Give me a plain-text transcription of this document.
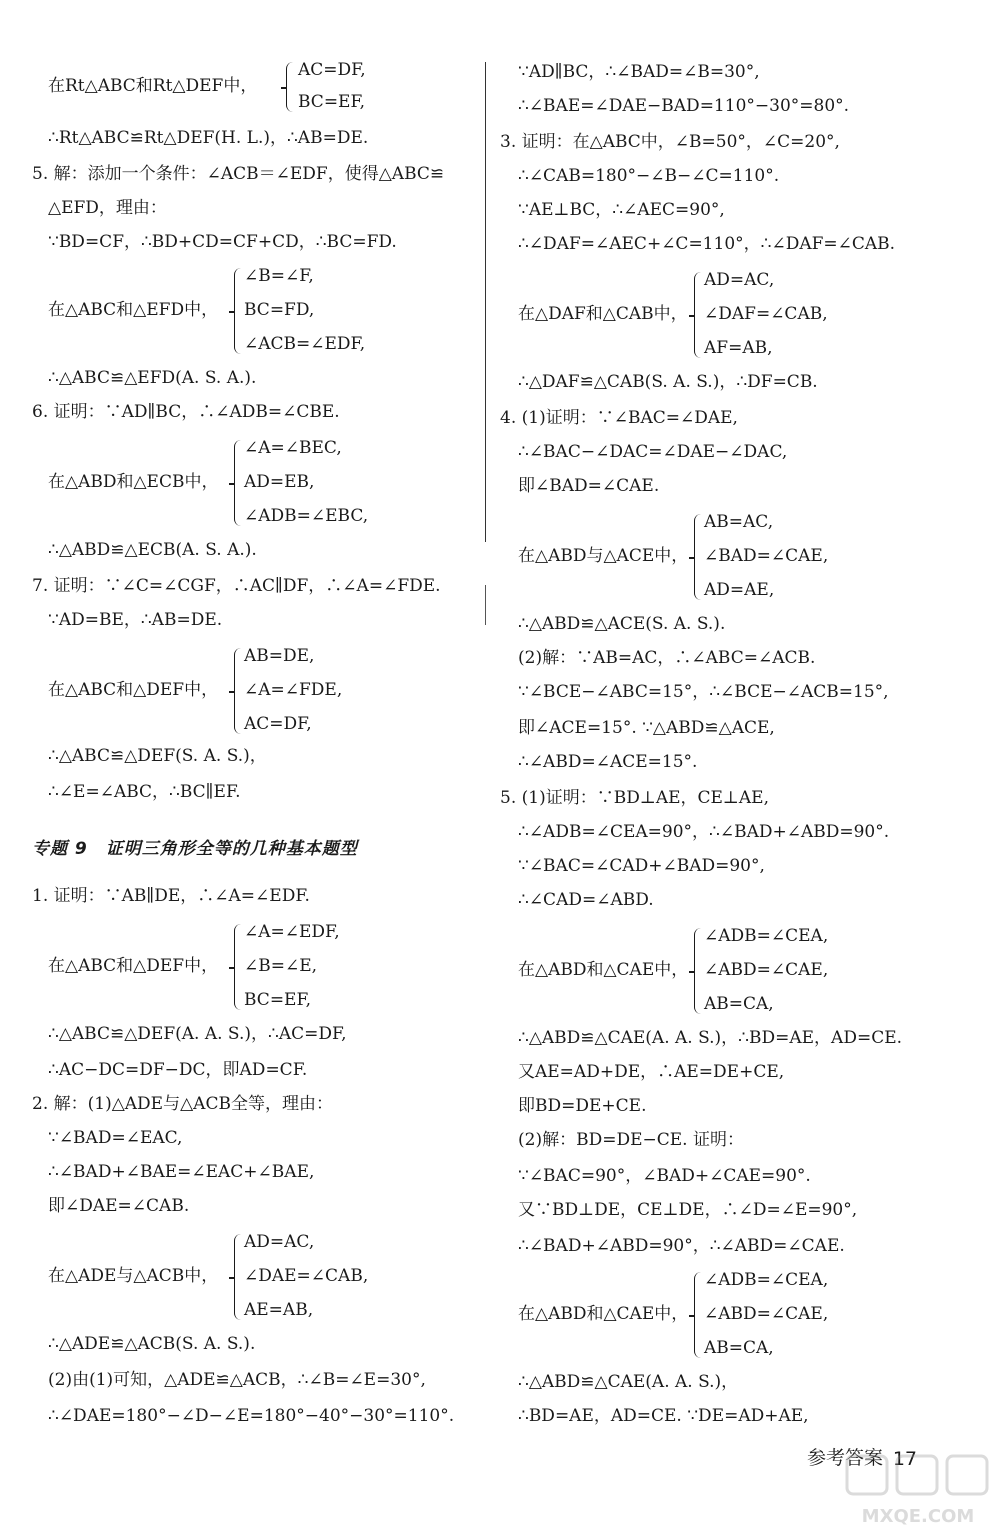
在Rt△ABC和Rt△DEF中，
AC=DF,
BC=EF,
∴Rt△ABC≌Rt△DEF(H. L.)，∴AB=DE.
5. 解：添加一个条件：∠ACB＝∠EDF，使得△ABC≌
△EFD，理由：
∵BD=CF，∴BD+CD=CF+CD，∴BC=FD.
在△ABC和△EFD中，
∠B=∠F,
BC=FD,
∠ACB=∠EDF,
∴△ABC≌△EFD(A. S. A.).
6. 证明：∵AD∥BC，∴∠ADB=∠CBE.
在△ABD和△ECB中，
∠A=∠BEC,
AD=EB,
∠ADB=∠EBC,
∴△ABD≌△ECB(A. S. A.).
7. 证明：∵∠C=∠CGF，∴AC∥DF，∴∠A=∠FDE.
∵AD=BE，∴AB=DE.
在△ABC和△DEF中，
AB=DE,
∠A=∠FDE,
AC=DF,
∴△ABC≌△DEF(S. A. S.)，
∴∠E=∠ABC，∴BC∥EF.
专题 9　证明三角形全等的几种基本题型
1. 证明：∵AB∥DE，∴∠A=∠EDF.
在△ABC和△DEF中，
∠A=∠EDF,
∠B=∠E,
BC=EF,
∴△ABC≌△DEF(A. A. S.)，∴AC=DF,
∴AC−DC=DF−DC，即AD=CF.
2. 解：(1)△ADE与△ACB全等，理由：
∵∠BAD=∠EAC,
∴∠BAD+∠BAE=∠EAC+∠BAE,
即∠DAE=∠CAB.
在△ADE与△ACB中，
AD=AC,
∠DAE=∠CAB,
AE=AB,
∴△ADE≌△ACB(S. A. S.).
(2)由(1)可知，△ADE≌△ACB，∴∠B=∠E=30°,
∴∠DAE=180°−∠D−∠E=180°−40°−30°=110°.
∵AD∥BC，∴∠BAD=∠B=30°,
∴∠BAE=∠DAE−BAD=110°−30°=80°.
3. 证明：在△ABC中，∠B=50°，∠C=20°,
∴∠CAB=180°−∠B−∠C=110°.
∵AE⊥BC，∴∠AEC=90°,
∴∠DAF=∠AEC+∠C=110°，∴∠DAF=∠CAB.
在△DAF和△CAB中，
AD=AC,
∠DAF=∠CAB,
AF=AB,
∴△DAF≌△CAB(S. A. S.)，∴DF=CB.
4. (1)证明：∵∠BAC=∠DAE,
∴∠BAC−∠DAC=∠DAE−∠DAC,
即∠BAD=∠CAE.
在△ABD与△ACE中，
AB=AC,
∠BAD=∠CAE,
AD=AE,
∴△ABD≌△ACE(S. A. S.).
(2)解：∵AB=AC，∴∠ABC=∠ACB.
∵∠BCE−∠ABC=15°，∴∠BCE−∠ACB=15°,
即∠ACE=15°. ∵△ABD≌△ACE,
∴∠ABD=∠ACE=15°.
5. (1)证明：∵BD⊥AE，CE⊥AE,
∴∠ADB=∠CEA=90°，∴∠BAD+∠ABD=90°.
∵∠BAC=∠CAD+∠BAD=90°,
∴∠CAD=∠ABD.
在△ABD和△CAE中，
∠ADB=∠CEA,
∠ABD=∠CAE,
AB=CA,
∴△ABD≌△CAE(A. A. S.)，∴BD=AE，AD=CE.
又AE=AD+DE，∴AE=DE+CE,
即BD=DE+CE.
(2)解：BD=DE−CE. 证明：
∵∠BAC=90°，∠BAD+∠CAE=90°.
又∵BD⊥DE，CE⊥DE，∴∠D=∠E=90°,
∴∠BAD+∠ABD=90°，∴∠ABD=∠CAE.
在△ABD和△CAE中，
∠ADB=∠CEA,
∠ABD=∠CAE,
AB=CA,
∴△ABD≌△CAE(A. A. S.)，
∴BD=AE，AD=CE. ∵DE=AD+AE,
参考答案 17
MXQE.COM
